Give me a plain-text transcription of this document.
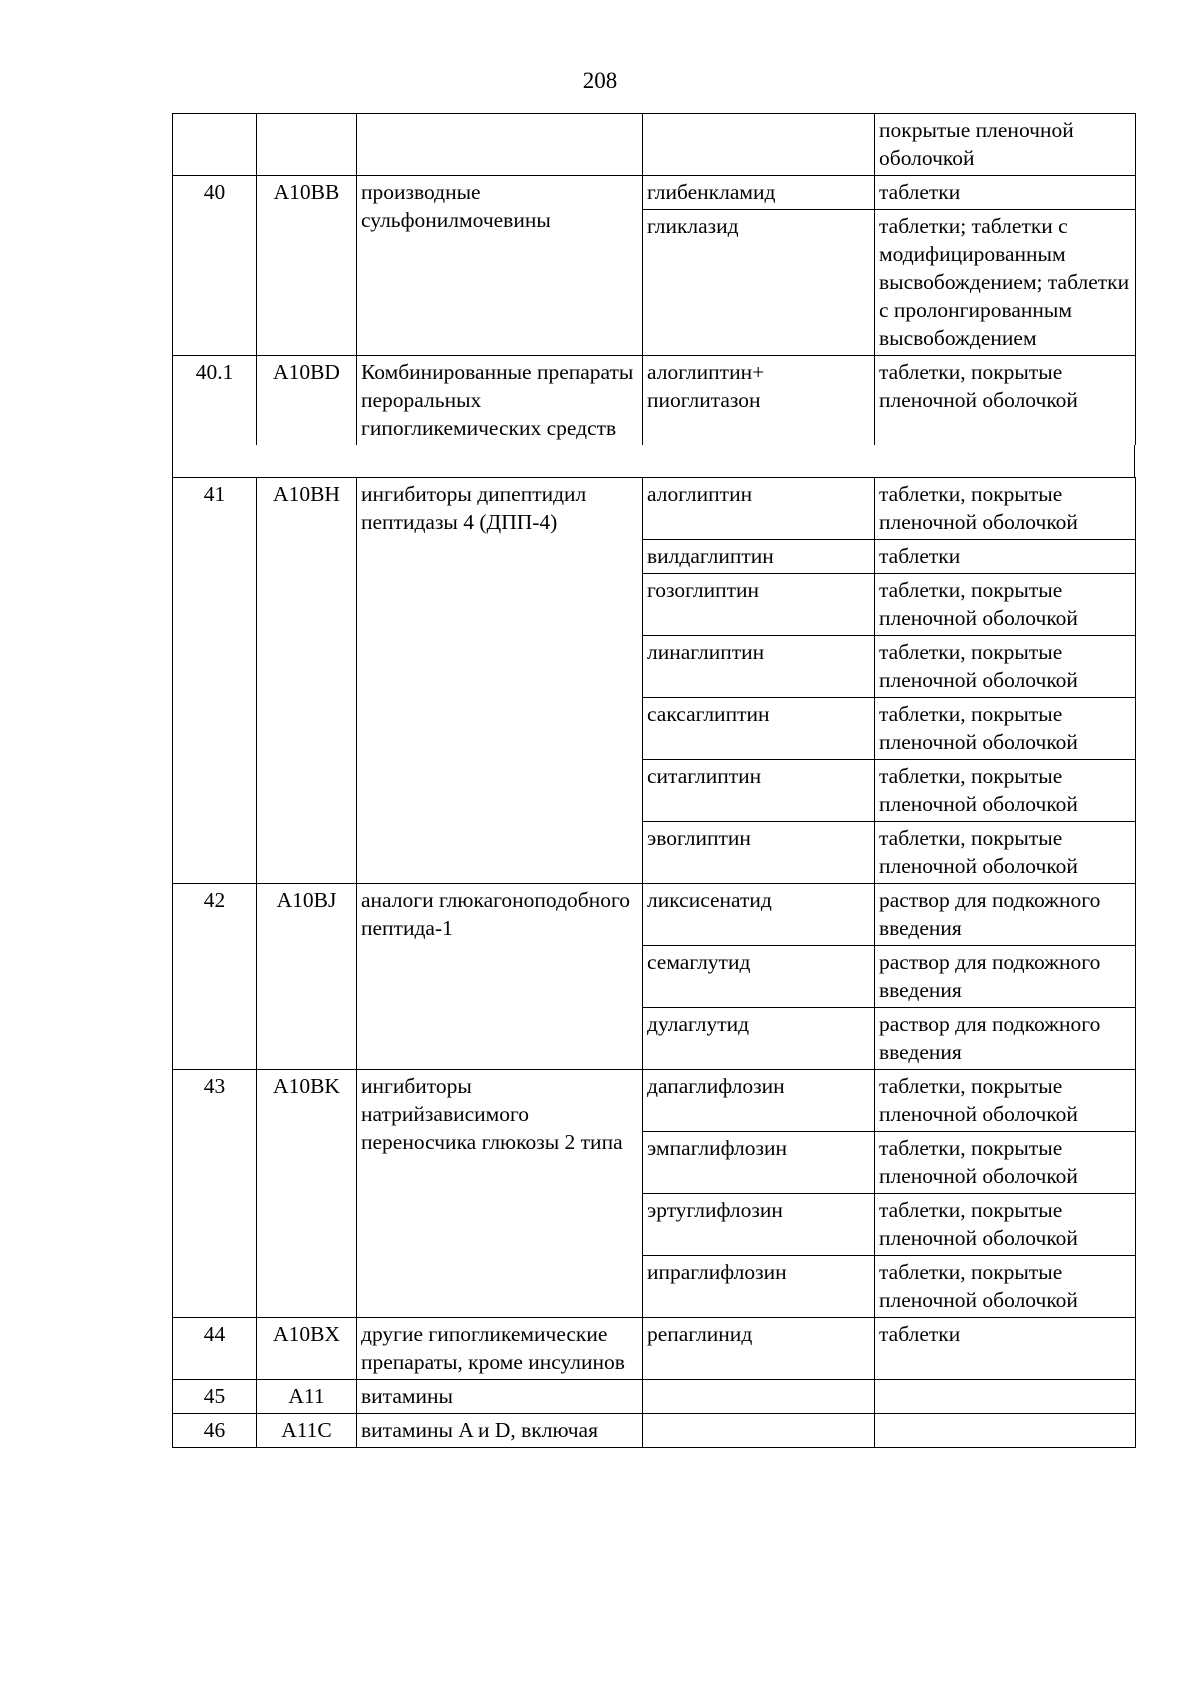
208
				покрытые пленочной оболочкой
40	A10BB	производные сульфонилмочевины	глибенкламид	таблетки
			гликлазид	таблетки; таблетки с модифицированным высвобождением; таблетки с пролонгированным высвобождением
40.1	A10BD	Комбинированные препараты пероральных гипогликемических средств	алоглиптин+ пиоглитазон	таблетки, покрытые пленочной оболочкой
41	A10BH	ингибиторы дипептидил пептидазы 4 (ДПП-4)	алоглиптин	таблетки, покрытые пленочной оболочкой
			вилдаглиптин	таблетки
			гозоглиптин	таблетки, покрытые пленочной оболочкой
			линаглиптин	таблетки, покрытые пленочной оболочкой
			саксаглиптин	таблетки, покрытые пленочной оболочкой
			ситаглиптин	таблетки, покрытые пленочной оболочкой
			эвоглиптин	таблетки, покрытые пленочной оболочкой
42	A10BJ	аналоги глюкагоноподобного пептида-1	ликсисенатид	раствор для подкожного введения
			семаглутид	раствор для подкожного введения
			дулаглутид	раствор для подкожного введения
43	A10BK	ингибиторы натрийзависимого переносчика глюкозы 2 типа	дапаглифлозин	таблетки, покрытые пленочной оболочкой
			эмпаглифлозин	таблетки, покрытые пленочной оболочкой
			эртуглифлозин	таблетки, покрытые пленочной оболочкой
			ипраглифлозин	таблетки, покрытые пленочной оболочкой
44	A10BX	другие гипогликемические препараты, кроме инсулинов	репаглинид	таблетки
45	A11	витамины		
46	A11C	витамины A и D, включая		
